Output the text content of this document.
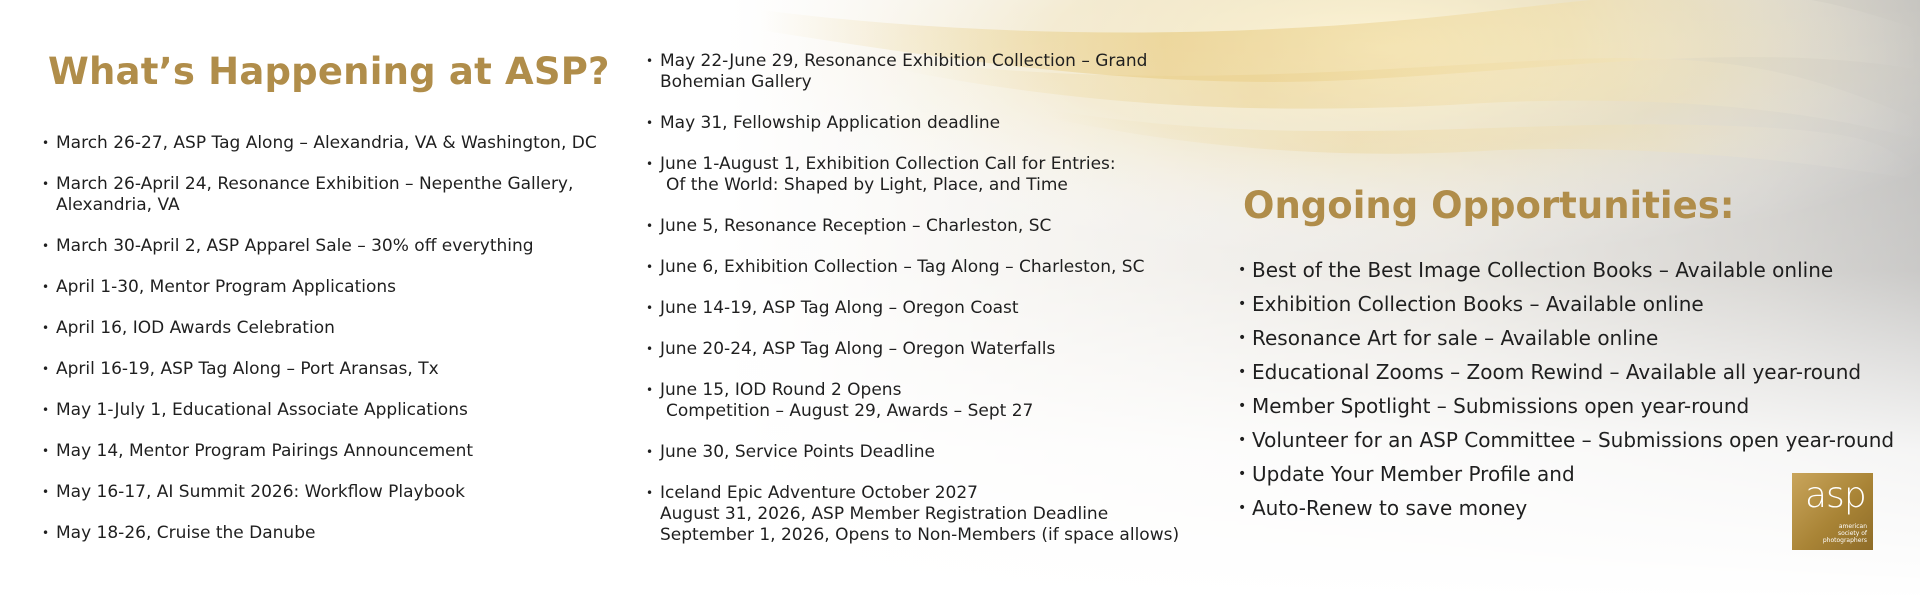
What’s Happening at ASP?
• March 26-27, ASP Tag Along – Alexandria, VA & Washington, DC
• March 26-April 24, Resonance Exhibition – Nepenthe Gallery,
Alexandria, VA
• March 30-April 2, ASP Apparel Sale – 30% off everything
• April 1-30, Mentor Program Applications
• April 16, IOD Awards Celebration
• April 16-19, ASP Tag Along – Port Aransas, Tx
• May 1-July 1, Educational Associate Applications
• May 14, Mentor Program Pairings Announcement
• May 16-17, AI Summit 2026: Workflow Playbook
• May 18-26, Cruise the Danube
• May 22-June 29, Resonance Exhibition Collection – Grand
Bohemian Gallery
• May 31, Fellowship Application deadline
• June 1-August 1, Exhibition Collection Call for Entries:
Of the World: Shaped by Light, Place, and Time
• June 5, Resonance Reception – Charleston, SC
• June 6, Exhibition Collection – Tag Along – Charleston, SC
• June 14-19, ASP Tag Along – Oregon Coast
• June 20-24, ASP Tag Along – Oregon Waterfalls
• June 15, IOD Round 2 Opens
Competition – August 29, Awards – Sept 27
• June 30, Service Points Deadline
• Iceland Epic Adventure October 2027
August 31, 2026, ASP Member Registration Deadline
September 1, 2026, Opens to Non-Members (if space allows)
Ongoing Opportunities:
• Best of the Best Image Collection Books – Available online
• Exhibition Collection Books – Available online
• Resonance Art for sale – Available online
• Educational Zooms – Zoom Rewind – Available all year-round
• Member Spotlight – Submissions open year-round
• Volunteer for an ASP Committee – Submissions open year-round
• Update Your Member Profile and
• Auto-Renew to save money	asp
american
society of
photographers
